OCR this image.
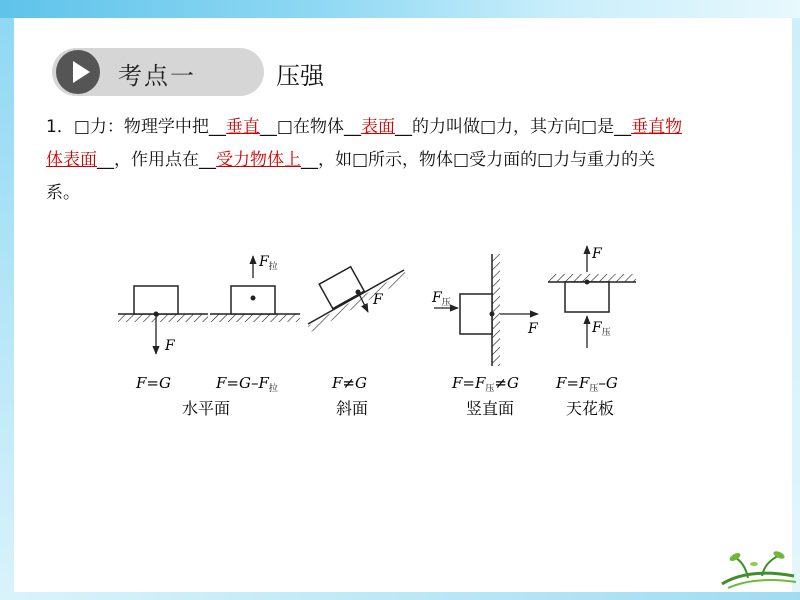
考点一	压强
1．□力：物理学中把__垂直__□在物体__表面__的力叫做□力，其方向□是__垂直物体表面__，作用点在__受力物体上__，如□所示，物体□受力面的□力与重力的关系。
F
$F_拉$
F	$F_压$
F
F
$F_压$
F=G	$F=G-F_拉$	F≠G	$F=F_压\ne G$ $F=F_压-G$
水平面	斜面	竖直面	天花板
